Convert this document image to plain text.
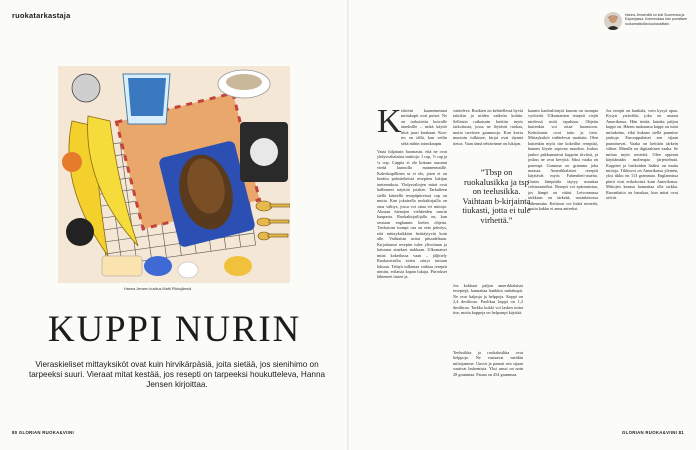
ruokatarkastaja
Hanna Jensen kuvitus Matti Pikkujämsä
KUPPI NURIN

Vieraskieliset mittayksiköt ovat kuin hirvikärpäsiä, joita sietää, jos sienihimo on tarpeeksi suuri. Vieraat mitat kestää, jos resepti on tarpeeksi houkutteleva, Hanna Jensen kirjoittaa.

80 GLORIAN RUOKA&VIINI
Hanna Jensenillä on koti Suomessa ja Espanjassa. Kokemuksia hän punnitsee ruokamatkoilla kuukausittain.
K eittiöni kauneinmmat mittakupit ovat puiset. Ne on tarkoitettu kuivalle aineksille – mikä käyttö niitä juuri kuukaan. Kuutes on tällä, kun veilin sekä mihin toimikaupin.
Vasta hiljattain huomasin, että ne ovat yhdysvaltalaista mitttoja: 1 cup, ½ cup ja ¼ cup. Cuppia ei ole kokaan osaunut viedä kunnolla mannermaille. Kahvikupillinen se ei ole, joten ei on kerättu pahoitekeisiä reseptien lukijan tuntemuksia. Yhdysvaltojen mitat ovat hallinneet näyttöä jotakin. Tarkalleen siellä käsitellä reseptipiireissä cup on muita. Kun jokaisella ruokakirjailla on oma välitys, jossa voi ottaa eri mittoja. Alustan hienojen viehkeiden suurin kaupasta. Ruokakirjailijalla on, kun seuraan englannin kielen ohjeita. Tiedostoni isompi osa on eräs päiväys, että mittayksikköni heittäytyvät kuin alle. Vaihtaisin mitat pituudeltaan. Kirjoittanut reseptin tulee ylivoiman ja katsonut ainekset tarkkaan. Ulkomaiset mitat kokeilussa vaan – jäljittely Ruokasivuilta sitten siirtyi tuttuun lukuun. Tehtyä tulkintaa vaihtaa reseptit nimiin, erilaisia kapan lukuja. Piirrokset lähteneet lasten ja.
vaitteleva. Ruokien on kehitellessä hyviä taitokin ja niiden vaikeita kohtia. Sellaisin ratkaisuin luettiin myös tarkoitusta, jossa ne löytävät ruokaa, mutta tarvitsee grammoja. Kun kuvia muutoin tulkitsee, kirjat ovat täynnä tietoa. Vaan tämä tehtävänne on lukijan.
Jos kokkaat paljon amerikkalaisia reseptejä, kannattaa hankkia mittakupit. Ne ovat halpoja ja helppoja. Kuppi on 2,4 desilitraa. Puolikas kuppi on 1,2 desilitraa. Tarkka kokki voi laskea mitat itse, mutta kuppeja on helpompi käyttää.
Teelusikka ja ruokalusikka ovat helppoja. Ne vastaavat meidän mittojamme. Unssit ja paunat sen sijaan vaativat laskemista. Yksi unssi on noin 28 grammaa. Pauna on 454 grammaa.
”Tbsp on ruokalusikka ja tsp on teelusikka. Vaihtaan b-kirjainta tiukasti, jotta ei tule virhettä.”
kaunin kauluslöntyiä kuusin on isompia vyötteitä. Ulkomaisten reseptit viejät mielessä mitä tapahtuu. Ohjeita kuitenkin voi ottaa huomioon. Keittiöasiat ovat taito ja tieto. Mittayksiköt vaihtelevat maittain. Olen kuitenkin myös itse kokeillut reseptitä, kunnes löysin sopivan muodon. Joskus jauhot pakkaantuvat kuppiin tiiviisti, ja joskus ne ovat kevyitä. Siksi vaaka on parempi. Gramma on gramma joka maassa. Amerikkalaiset reseptit käyttävät myös Fahrenheit-asteita. Uunin lämpötila täytyy muuttaa celsiusasteiksi. Resepti voi epäonnistua, jos lämpö on väärä. Leivonnassa tarkkuus on tärkeää, ruoanlaitossa vähemmän. Keittoon voi lisätä nesteitä, mutta kakku ei anna anteeksi.
Jos resepti on hankala, voin kysyä apua. Kysyn ystävältä, joka on asunut Amerikassa. Hän tietää, kuinka paljon kuppi on. Hänen mukaansa kuppi on tuttu mittakeino, eikä kukaan siellä punnitse jauhoja. Eurooppalaiset sen sijaan punnitsevat. Vaaka on keittiön tärkein väline. Minulla on digitaalinen vaaka. Se mittaa myös nesteitä. Olen oppinut käyttämään molempia järjestelmiä. Kuppien ja lusikoiden lisäksi on muita mittoja. Tikkuvoi on Amerikassa yleinen, yksi tikku on 113 grammaa. Englannissa pintit ovat erikokoisia kuin Amerikassa. Mittojen kanssa kannattaa olla tarkka. Ruoanlaitto on hauskaa, kun mitat ovat selvät.
GLORIAN RUOKA&VIINI 81
